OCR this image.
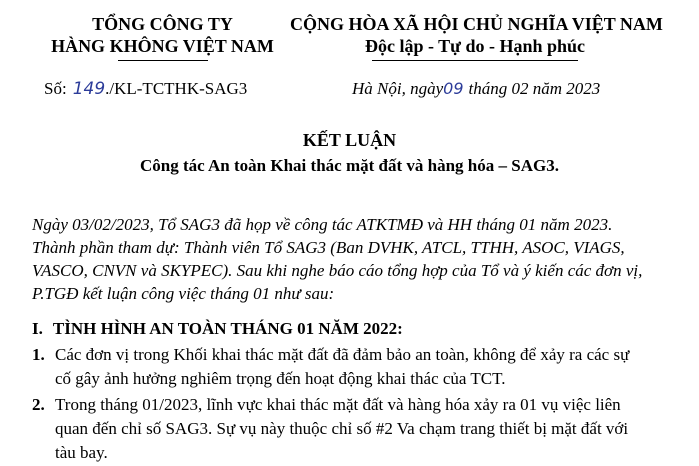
TỔNG CÔNG TY
HÀNG KHÔNG VIỆT NAM
CỘNG HÒA XÃ HỘI CHỦ NGHĨA VIỆT NAM
Độc lập - Tự do - Hạnh phúc
Số: 149./KL-TCTHK-SAG3	Hà Nội, ngày09 tháng 02 năm 2023
KẾT LUẬN
Công tác An toàn Khai thác mặt đất và hàng hóa – SAG3.
Ngày 03/02/2023, Tổ SAG3 đã họp về công tác ATKTMĐ và HH tháng 01 năm 2023.
Thành phần tham dự: Thành viên Tổ SAG3 (Ban DVHK, ATCL, TTHH, ASOC, VIAGS,
VASCO, CNVN và SKYPEC). Sau khi nghe báo cáo tổng hợp của Tổ và ý kiến các đơn vị,
P.TGĐ kết luận công việc tháng 01 như sau:
I. TÌNH HÌNH AN TOÀN THÁNG 01 NĂM 2022:
1. Các đơn vị trong Khối khai thác mặt đất đã đảm bảo an toàn, không để xảy ra các sự
cố gây ảnh hưởng nghiêm trọng đến hoạt động khai thác của TCT.
2. Trong tháng 01/2023, lĩnh vực khai thác mặt đất và hàng hóa xảy ra 01 vụ việc liên
quan đến chỉ số SAG3. Sự vụ này thuộc chỉ số #2 Va chạm trang thiết bị mặt đất với
tàu bay.
